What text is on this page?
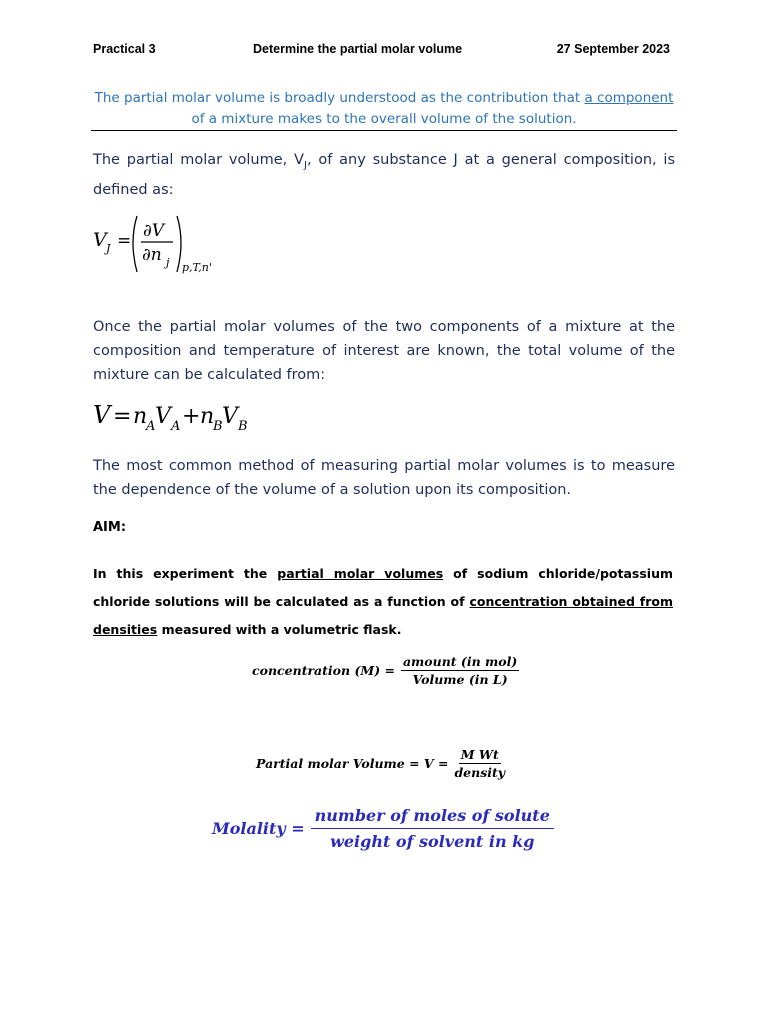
Practical 3	Determine the partial molar volume	27 September 2023
The partial molar volume is broadly understood as the contribution that a component of a mixture makes to the overall volume of the solution.
The partial molar volume, $V_J$, of any substance J at a general composition, is defined as:
V J = ∂V
∂n j p,T,n'
Once the partial molar volumes of the two components of a mixture at the composition and temperature of interest are known, the total volume of the mixture can be calculated from:
V = n
A V A + n
B V B
The most common method of measuring partial molar volumes is to measure the dependence of the volume of a solution upon its composition.
AIM:
In this experiment the partial molar volumes of sodium chloride/potassium chloride solutions will be calculated as a function of concentration obtained from densities measured with a volumetric flask.
concentration $(M) = \frac{\text{amount (in mol)}}{\text{Volume (in L)}}$
Partial molar Volume = $V = \frac{\text{M Wt}}{\text{density}}$
Molality = $\frac{\text{number of moles of solute}}{\text{weight of solvent in kg}}$
